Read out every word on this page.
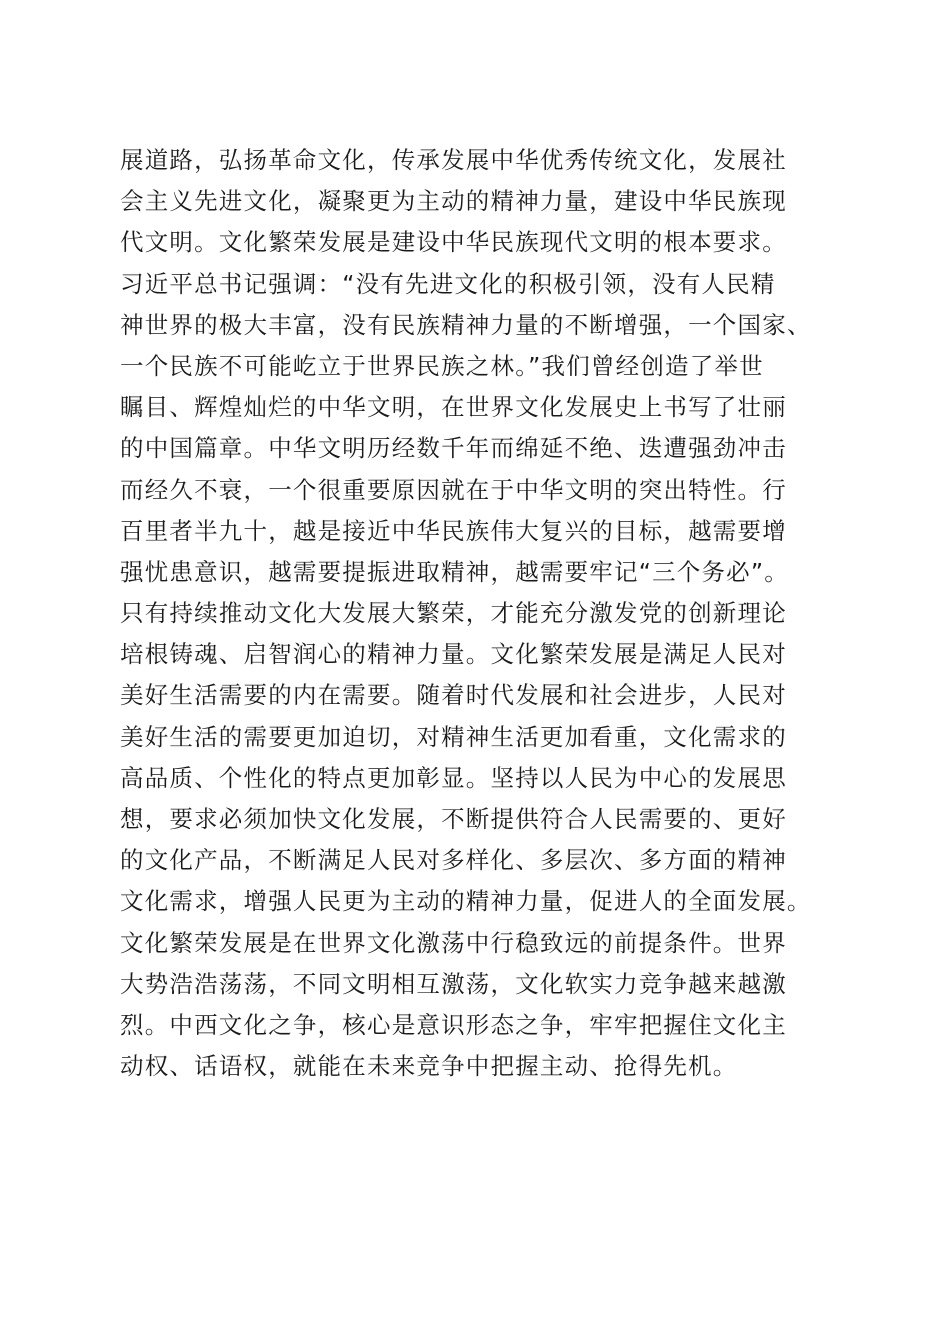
展道路，弘扬革命文化，传承发展中华优秀传统文化，发展社
会主义先进文化，凝聚更为主动的精神力量，建设中华民族现
代文明。文化繁荣发展是建设中华民族现代文明的根本要求。
习近平总书记强调：“没有先进文化的积极引领，没有人民精
神世界的极大丰富，没有民族精神力量的不断增强，一个国家、
一个民族不可能屹立于世界民族之林。”我们曾经创造了举世
瞩目、辉煌灿烂的中华文明，在世界文化发展史上书写了壮丽
的中国篇章。中华文明历经数千年而绵延不绝、迭遭强劲冲击
而经久不衰，一个很重要原因就在于中华文明的突出特性。行
百里者半九十，越是接近中华民族伟大复兴的目标，越需要增
强忧患意识，越需要提振进取精神，越需要牢记“三个务必”。
只有持续推动文化大发展大繁荣，才能充分激发党的创新理论
培根铸魂、启智润心的精神力量。文化繁荣发展是满足人民对
美好生活需要的内在需要。随着时代发展和社会进步，人民对
美好生活的需要更加迫切，对精神生活更加看重，文化需求的
高品质、个性化的特点更加彰显。坚持以人民为中心的发展思
想，要求必须加快文化发展，不断提供符合人民需要的、更好
的文化产品，不断满足人民对多样化、多层次、多方面的精神
文化需求，增强人民更为主动的精神力量，促进人的全面发展。
文化繁荣发展是在世界文化激荡中行稳致远的前提条件。世界
大势浩浩荡荡，不同文明相互激荡，文化软实力竞争越来越激
烈。中西文化之争，核心是意识形态之争，牢牢把握住文化主
动权、话语权，就能在未来竞争中把握主动、抢得先机。
